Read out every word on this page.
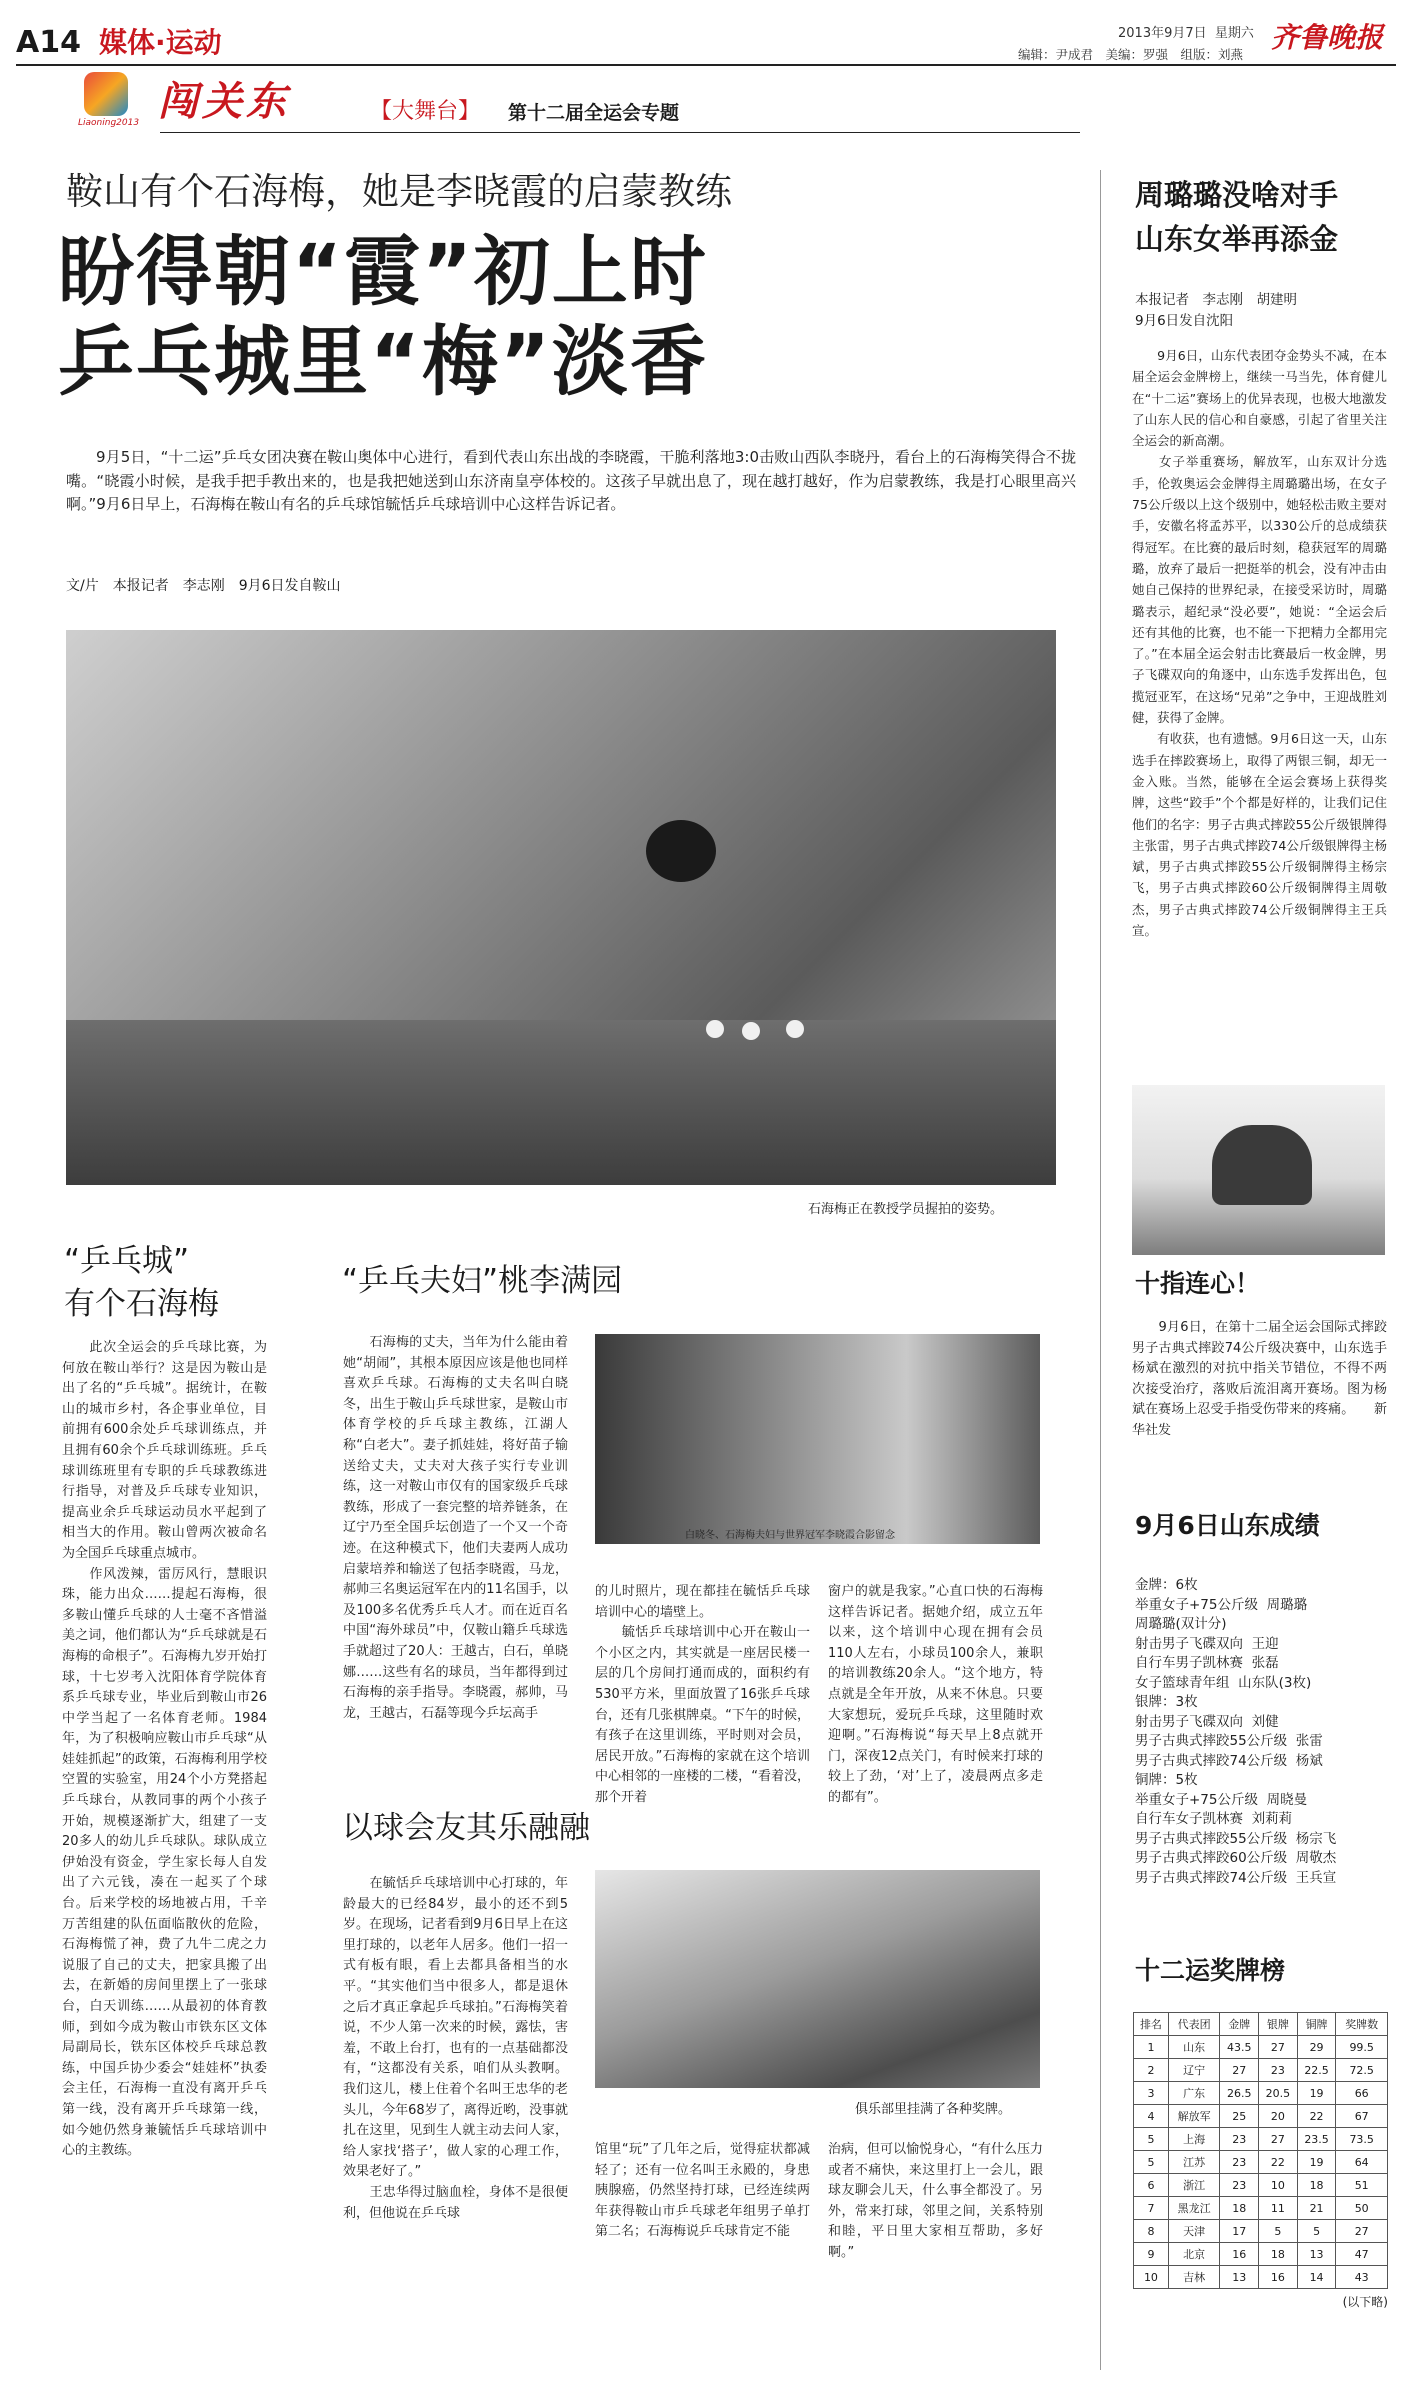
A14 媒体·运动	2013年9月7日 星期六 齐鲁晚报
编辑：尹成君　美编：罗强　组版：刘燕
Liaoning2013 闯关东	【大舞台】 第十二届全运会专题
鞍山有个石海梅，她是李晓霞的启蒙教练
盼得朝“霞”初上时
乒乓城里“梅”淡香
9月5日，“十二运”乒乓女团决赛在鞍山奥体中心进行，看到代表山东出战的李晓霞，干脆利落地3:0击败山西队李晓丹，看台上的石海梅笑得合不拢嘴。“晓霞小时候，是我手把手教出来的，也是我把她送到山东济南皇亭体校的。这孩子早就出息了，现在越打越好，作为启蒙教练，我是打心眼里高兴啊。”9月6日早上，石海梅在鞍山有名的乒乓球馆毓恬乒乓球培训中心这样告诉记者。
文/片　本报记者　李志刚　9月6日发自鞍山
石海梅正在教授学员握拍的姿势。
“乒乓城”
有个石海梅
　　此次全运会的乒乓球比赛，为何放在鞍山举行？这是因为鞍山是出了名的“乒乓城”。据统计，在鞍山的城市乡村，各企事业单位，目前拥有600余处乒乓球训练点，并且拥有60余个乒乓球训练班。乒乓球训练班里有专职的乒乓球教练进行指导，对普及乒乓球专业知识，提高业余乒乓球运动员水平起到了相当大的作用。鞍山曾两次被命名为全国乒乓球重点城市。
　　作风泼辣，雷厉风行，慧眼识珠，能力出众……提起石海梅，很多鞍山懂乒乓球的人士毫不吝惜溢美之词，他们都认为“乒乓球就是石海梅的命根子”。石海梅九岁开始打球，十七岁考入沈阳体育学院体育系乒乓球专业，毕业后到鞍山市26中学当起了一名体育老师。1984年，为了积极响应鞍山市乒乓球“从娃娃抓起”的政策，石海梅利用学校空置的实验室，用24个小方凳搭起乒乓球台，从教同事的两个小孩子开始，规模逐渐扩大，组建了一支20多人的幼儿乒乓球队。球队成立伊始没有资金，学生家长每人自发出了六元钱，凑在一起买了个球台。后来学校的场地被占用，千辛万苦组建的队伍面临散伙的危险，石海梅慌了神，费了九牛二虎之力说服了自己的丈夫，把家具搬了出去，在新婚的房间里摆上了一张球台，白天训练……从最初的体育教师，到如今成为鞍山市铁东区文体局副局长，铁东区体校乒乓球总教练，中国乒协少委会“娃娃杯”执委会主任，石海梅一直没有离开乒乓第一线，没有离开乒乓球第一线，如今她仍然身兼毓恬乒乓球培训中心的主教练。
“乒乓夫妇”桃李满园
　　石海梅的丈夫，当年为什么能由着她“胡闹”，其根本原因应该是他也同样喜欢乒乓球。石海梅的丈夫名叫白晓冬，出生于鞍山乒乓球世家，是鞍山市体育学校的乒乓球主教练，江湖人称“白老大”。妻子抓娃娃，将好苗子输送给丈夫，丈夫对大孩子实行专业训练，这一对鞍山市仅有的国家级乒乓球教练，形成了一套完整的培养链条，在辽宁乃至全国乒坛创造了一个又一个奇迹。在这种模式下，他们夫妻两人成功启蒙培养和输送了包括李晓霞，马龙，郝帅三名奥运冠军在内的11名国手，以及100多名优秀乒乓人才。而在近百名中国“海外球员”中，仅鞍山籍乒乓球选手就超过了20人：王越古，白石，单晓娜……这些有名的球员，当年都得到过石海梅的亲手指导。李晓霞，郝帅，马龙，王越古，石磊等现今乒坛高手
白晓冬、石海梅夫妇与世界冠军李晓霞合影留念
的儿时照片，现在都挂在毓恬乒乓球培训中心的墙壁上。
　　毓恬乒乓球培训中心开在鞍山一个小区之内，其实就是一座居民楼一层的几个房间打通而成的，面积约有530平方米，里面放置了16张乒乓球台，还有几张棋牌桌。“下午的时候，有孩子在这里训练，平时则对会员，居民开放。”石海梅的家就在这个培训中心相邻的一座楼的二楼，“看着没，那个开着
窗户的就是我家。”心直口快的石海梅这样告诉记者。据她介绍，成立五年以来，这个培训中心现在拥有会员110人左右，小球员100余人，兼职的培训教练20余人。“这个地方，特点就是全年开放，从来不休息。只要大家想玩，爱玩乒乓球，这里随时欢迎啊。”石海梅说“每天早上8点就开门，深夜12点关门，有时候来打球的较上了劲，‘对’上了，凌晨两点多走的都有”。
以球会友其乐融融
　　在毓恬乒乓球培训中心打球的，年龄最大的已经84岁，最小的还不到5岁。在现场，记者看到9月6日早上在这里打球的，以老年人居多。他们一招一式有板有眼，看上去都具备相当的水平。“其实他们当中很多人，都是退休之后才真正拿起乒乓球拍。”石海梅笑着说，不少人第一次来的时候，露怯，害羞，不敢上台打，也有的一点基础都没有，“这都没有关系，咱们从头教啊。我们这儿，楼上住着个名叫王忠华的老头儿，今年68岁了，离得近哟，没事就扎在这里，见到生人就主动去问人家，给人家找‘搭子’，做人家的心理工作，效果老好了。”
　　王忠华得过脑血栓，身体不是很便利，但他说在乒乓球
俱乐部里挂满了各种奖牌。
馆里“玩”了几年之后，觉得症状都减轻了；还有一位名叫王永殿的，身患胰腺癌，仍然坚持打球，已经连续两年获得鞍山市乒乓球老年组男子单打第二名；石海梅说乒乓球肯定不能
治病，但可以愉悦身心，“有什么压力或者不痛快，来这里打上一会儿，跟球友聊会儿天，什么事全都没了。另外，常来打球，邻里之间，关系特别和睦，平日里大家相互帮助，多好啊。”
周璐璐没啥对手
山东女举再添金
本报记者　李志刚　胡建明
9月6日发自沈阳
　　9月6日，山东代表团夺金势头不减，在本届全运会金牌榜上，继续一马当先，体育健儿在“十二运”赛场上的优异表现，也极大地激发了山东人民的信心和自豪感，引起了省里关注全运会的新高潮。
　　女子举重赛场，解放军，山东双计分选手，伦敦奥运会金牌得主周璐璐出场，在女子75公斤级以上这个级别中，她轻松击败主要对手，安徽名将孟苏平，以330公斤的总成绩获得冠军。在比赛的最后时刻，稳获冠军的周璐璐，放弃了最后一把挺举的机会，没有冲击由她自己保持的世界纪录，在接受采访时，周璐璐表示，超纪录“没必要”，她说：“全运会后还有其他的比赛，也不能一下把精力全都用完了。”在本届全运会射击比赛最后一枚金牌，男子飞碟双向的角逐中，山东选手发挥出色，包揽冠亚军，在这场“兄弟”之争中，王迎战胜刘健，获得了金牌。
　　有收获，也有遗憾。9月6日这一天，山东选手在摔跤赛场上，取得了两银三铜，却无一金入账。当然，能够在全运会赛场上获得奖牌，这些“跤手”个个都是好样的，让我们记住他们的名字：男子古典式摔跤55公斤级银牌得主张雷，男子古典式摔跤74公斤级银牌得主杨斌，男子古典式摔跤55公斤级铜牌得主杨宗飞，男子古典式摔跤60公斤级铜牌得主周敬杰，男子古典式摔跤74公斤级铜牌得主王兵宣。
十指连心！
　　9月6日，在第十二届全运会国际式摔跤男子古典式摔跤74公斤级决赛中，山东选手杨斌在激烈的对抗中指关节错位，不得不两次接受治疗，落败后流泪离开赛场。图为杨斌在赛场上忍受手指受伤带来的疼痛。　　新华社发
9月6日山东成绩
金牌：6枚
举重女子+75公斤级 周璐璐
周璐璐(双计分)
射击男子飞碟双向 王迎
自行车男子凯林赛 张磊
女子篮球青年组 山东队(3枚)
银牌：3枚
射击男子飞碟双向 刘健
男子古典式摔跤55公斤级 张雷
男子古典式摔跤74公斤级 杨斌
铜牌：5枚
举重女子+75公斤级 周晓曼
自行车女子凯林赛 刘莉莉
男子古典式摔跤55公斤级 杨宗飞
男子古典式摔跤60公斤级 周敬杰
男子古典式摔跤74公斤级 王兵宣
十二运奖牌榜
排名	代表团	金牌	银牌	铜牌	奖牌数
1	山东	43.5	27	29	99.5
2	辽宁	27	23	22.5	72.5
3	广东	26.5	20.5	19	66
4	解放军	25	20	22	67
5	上海	23	27	23.5	73.5
5	江苏	23	22	19	64
6	浙江	23	10	18	51
7	黑龙江	18	11	21	50
8	天津	17	5	5	27
9	北京	16	18	13	47
10	吉林	13	16	14	43
(以下略)
